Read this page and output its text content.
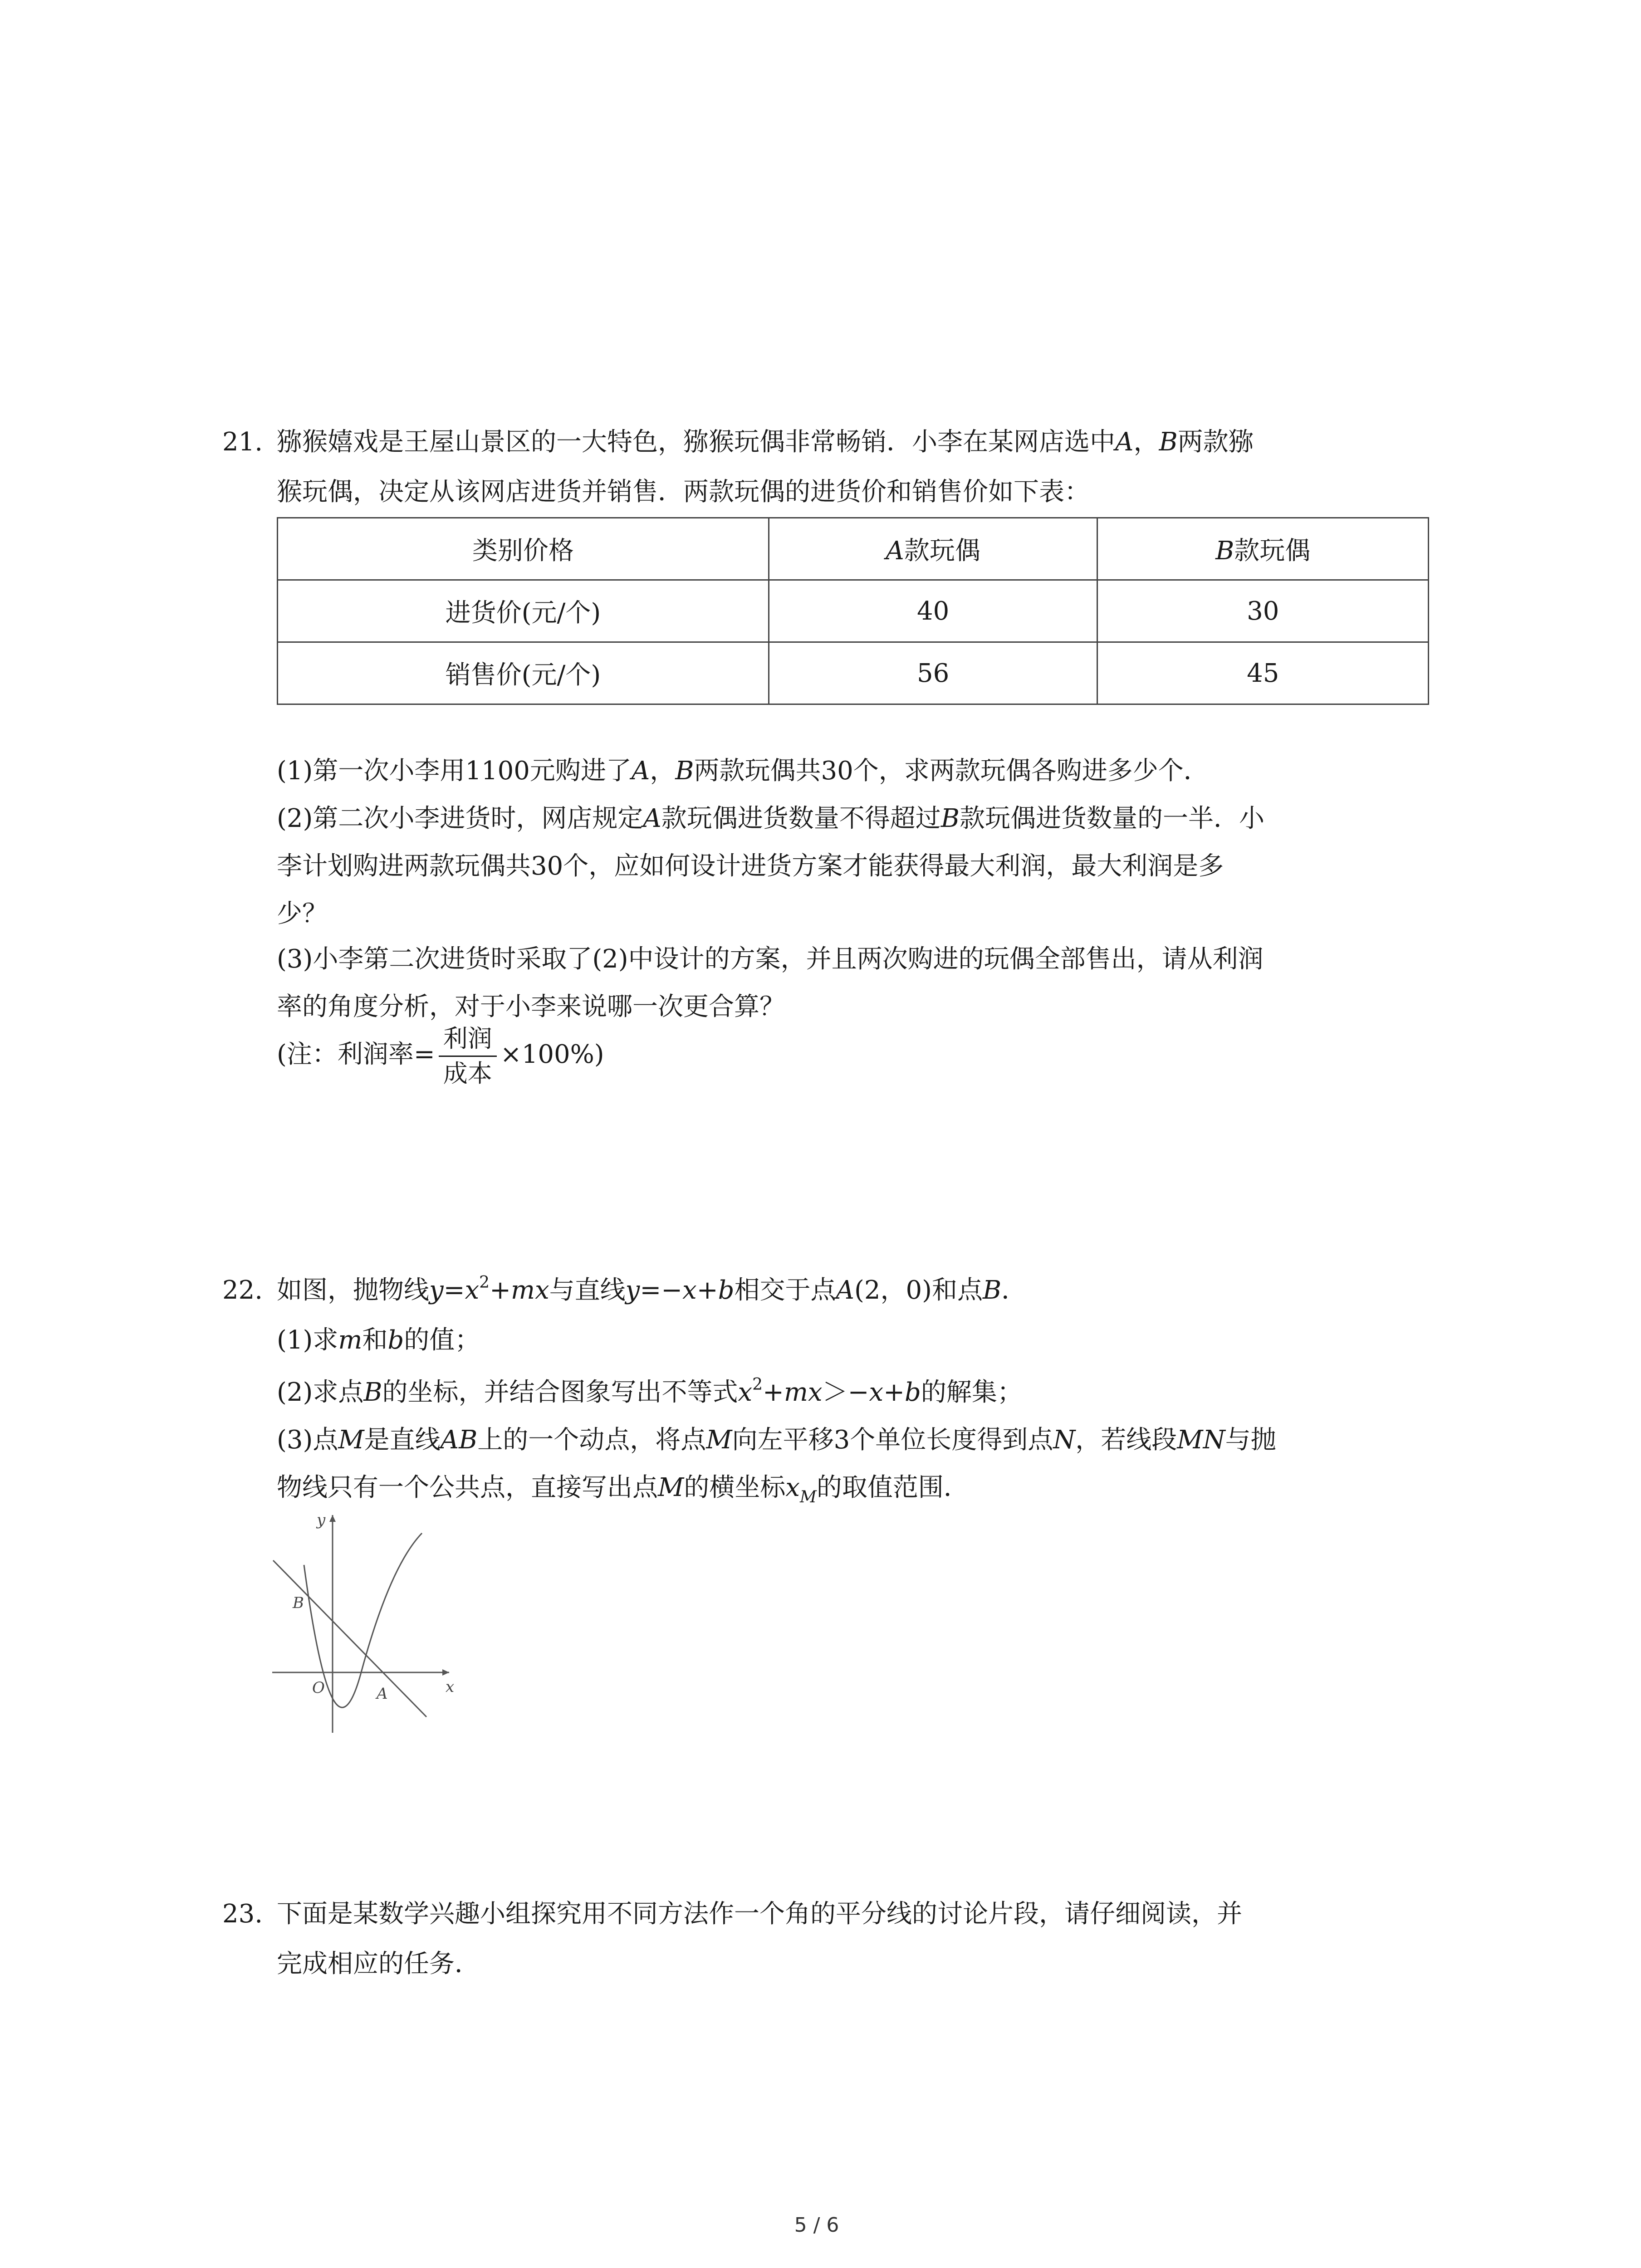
21. 猕猴嬉戏是王屋山景区的一大特色，猕猴玩偶非常畅销．小李在某网店选中A，B两款猕
猴玩偶，决定从该网店进货并销售．两款玩偶的进货价和销售价如下表：
类别价格	A款玩偶	B款玩偶
进货价(元/个)	40	30
销售价(元/个)	56	45
(1)第一次小李用1100元购进了A，B两款玩偶共30个，求两款玩偶各购进多少个．
(2)第二次小李进货时，网店规定A款玩偶进货数量不得超过B款玩偶进货数量的一半．小
李计划购进两款玩偶共30个，应如何设计进货方案才能获得最大利润，最大利润是多
少？
(3)小李第二次进货时采取了(2)中设计的方案，并且两次购进的玩偶全部售出，请从利润
率的角度分析，对于小李来说哪一次更合算？
(注：利润率= $\frac{\text{利润}}{\text{成本}} \times 100\%$)
22. 如图，抛物线$y=x^2+mx$与直线y=−x+b相交于点A(2，0)和点B．
(1)求m和b的值；
(2)求点B的坐标，并结合图象写出不等式$x^2+mx>-x+b$的解集；
(3)点M是直线AB上的一个动点，将点M向左平移3个单位长度得到点N，若线段MN与抛
物线只有一个公共点，直接写出点M的横坐标$x_M$的取值范围．
y
x
O	A
B
23. 下面是某数学兴趣小组探究用不同方法作一个角的平分线的讨论片段，请仔细阅读，并
完成相应的任务．
5 / 6
